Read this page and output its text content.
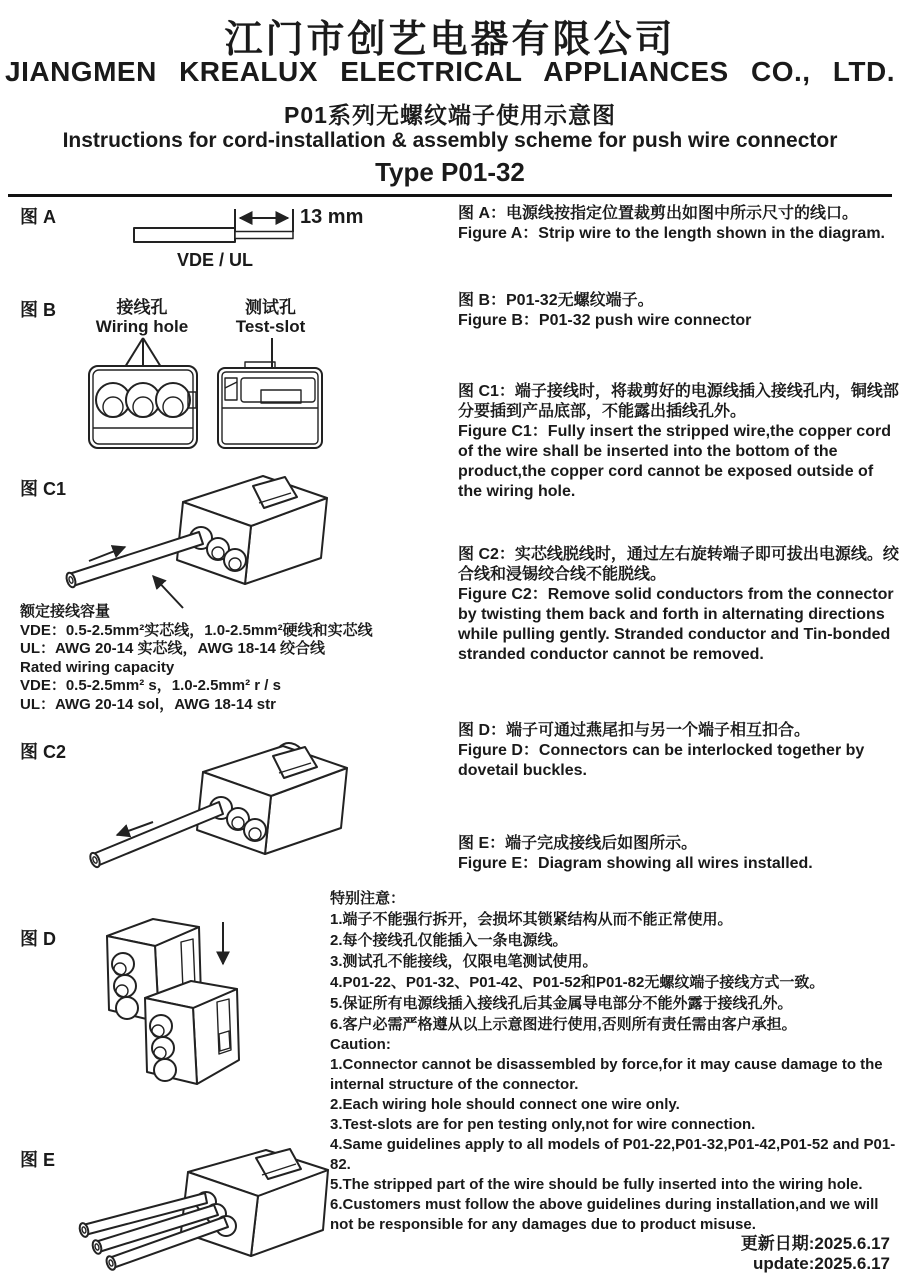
江门市创艺电器有限公司
JIANGMEN KREALUX ELECTRICAL APPLIANCES CO., LTD.
P01系列无螺纹端子使用示意图
Instructions for cord-installation & assembly scheme for push wire connector
Type P01-32
图 A	13 mm
VDE / UL
图 B	接线孔
Wiring hole
测试孔
Test-slot
图 C1
额定接线容量
VDE：0.5-2.5mm²实芯线，1.0-2.5mm²硬线和实芯线
UL：AWG 20-14 实芯线，AWG 18-14 绞合线
Rated wiring capacity
VDE：0.5-2.5mm² s，1.0-2.5mm² r / s
UL：AWG 20-14 sol，AWG 18-14 str
图 C2
图 D
图 E
图 A：电源线按指定位置裁剪出如图中所示尺寸的线口。
Figure A：Strip wire to the length shown in the diagram.
图 B：P01-32无螺纹端子。
Figure B：P01-32 push wire connector
图 C1：端子接线时，将裁剪好的电源线插入接线孔内，铜线部分要插到产品底部，不能露出插线孔外。
Figure C1：Fully insert the stripped wire,the copper cord of the wire shall be inserted into the bottom of the product,the copper cord cannot be exposed outside of the wiring hole.
图 C2：实芯线脱线时，通过左右旋转端子即可拔出电源线。绞合线和浸锡绞合线不能脱线。
Figure C2：Remove solid conductors from the connector by twisting them back and forth in alternating directions while pulling gently. Stranded conductor and Tin-bonded stranded conductor cannot be removed.
图 D：端子可通过燕尾扣与另一个端子相互扣合。
Figure D：Connectors can be interlocked together by dovetail buckles.
图 E：端子完成接线后如图所示。
Figure E：Diagram showing all wires installed.
特别注意：
1.端子不能强行拆开，会损坏其锁紧结构从而不能正常使用。
2.每个接线孔仅能插入一条电源线。
3.测试孔不能接线，仅限电笔测试使用。
4.P01-22、P01-32、P01-42、P01-52和P01-82无螺纹端子接线方式一致。
5.保证所有电源线插入接线孔后其金属导电部分不能外露于接线孔外。
6.客户必需严格遵从以上示意图进行使用,否则所有责任需由客户承担。
Caution:
1.Connector cannot be disassembled by force,for it may cause damage to the internal structure of the connector.
2.Each wiring hole should connect one wire only.
3.Test-slots are for pen testing only,not for wire connection.
4.Same guidelines apply to all models of P01-22,P01-32,P01-42,P01-52 and P01-82.
5.The stripped part of the wire should be fully inserted into the wiring hole.
6.Customers must follow the above guidelines during installation,and we will not be responsible for any damages due to product misuse.
更新日期:2025.6.17
update:2025.6.17
